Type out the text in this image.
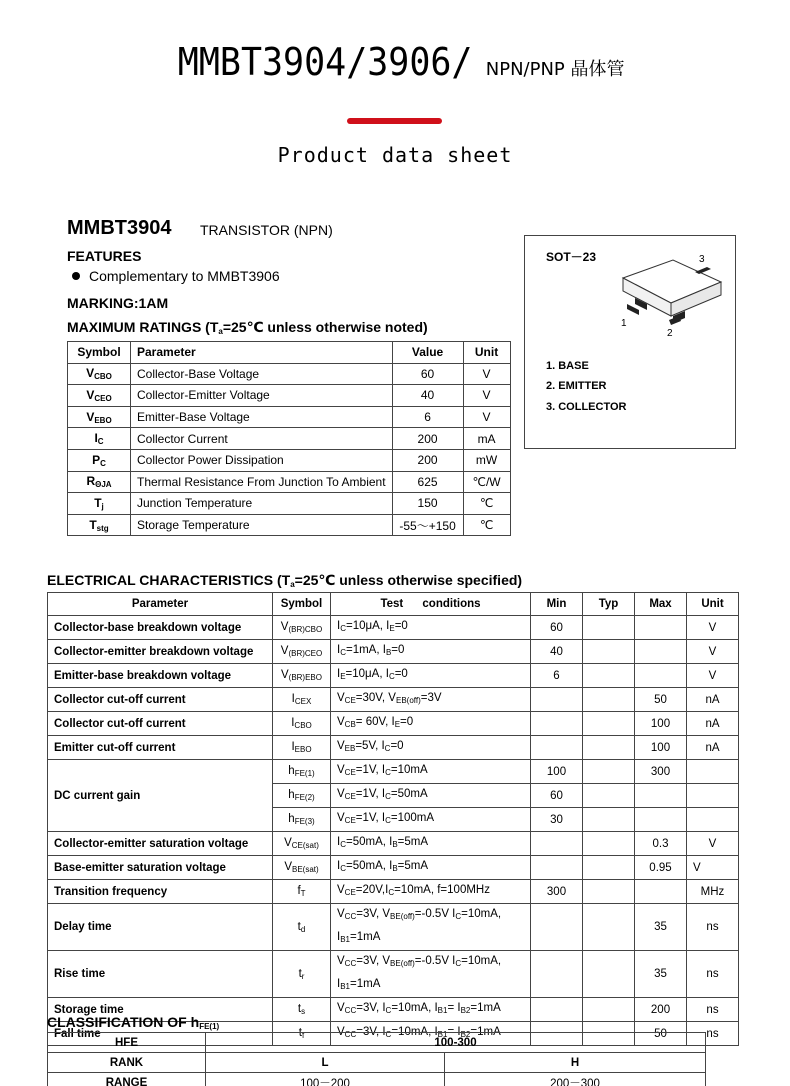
MMBT3904/3906/ NPN/PNP 晶体管
Product data sheet
MMBT3904 TRANSISTOR (NPN)
FEATURES
Complementary to MMBT3906
MARKING:1AM
MAXIMUM RATINGS ($T_a=25℃$ unless otherwise noted)
Symbol	Parameter	Value	Unit
$V_{CBO}$	Collector-Base Voltage	60	V
$V_{CEO}$	Collector-Emitter Voltage	40	V
$V_{EBO}$	Emitter-Base Voltage	6	V
$I_C$	Collector Current	200	mA
$P_C$	Collector Power Dissipation	200	mW
$R_{\Theta JA}$	Thermal Resistance From Junction To Ambient	625	℃/W
$T_j$	Junction Temperature	150	℃
$T_{stg}$	Storage Temperature	-55～+150	℃
SOT－23	3
1
2
1. BASE
2. EMITTER
3. COLLECTOR
ELECTRICAL CHARACTERISTICS ($T_a=25℃$ unless otherwise specified)
Parameter	Symbol	Test      conditions	Min	Typ	Max	Unit
Collector-base breakdown voltage	$V_{(BR)CBO}$	$I_C=10\mu A$, $I_E=0$	60			V
Collector-emitter breakdown voltage	$V_{(BR)CEO}$	$I_C=1mA$, $I_B=0$	40			V
Emitter-base breakdown voltage	$V_{(BR)EBO}$	$I_E=10\mu A$, $I_C=0$	6			V
Collector cut-off current	$I_{CEX}$	$V_{CE}=30V$, $V_{EB(off)}=3V$			50	nA
Collector cut-off current	$I_{CBO}$	$V_{CB}= 60V$, $I_E=0$			100	nA
Emitter cut-off current	$I_{EBO}$	$V_{EB}=5V$, $I_C=0$			100	nA
DC current gain	$h_{FE(1)}$	$V_{CE}=1V$, $I_C=10mA$	100		300	
	$h_{FE(2)}$	$V_{CE}=1V$, $I_C=50mA$	60			
	$h_{FE(3)}$	$V_{CE}=1V$, $I_C=100mA$	30			
Collector-emitter saturation voltage	$V_{CE(sat)}$	$I_C=50mA$, $I_B=5mA$			0.3	V
Base-emitter saturation voltage	$V_{BE(sat)}$	$I_C=50mA$, $I_B=5mA$			0.95	V
Transition frequency	$f_T$	$V_{CE}=20V,I_C=10mA$, f=100MHz	300			MHz
Delay time	$t_d$	$V_{CC}=3V$, $V_{BE(off)}=-0.5V$ $I_C=10mA$,
$I_{B1}=1mA$			35	ns
Rise time	$t_r$	$V_{CC}=3V$, $V_{BE(off)}=-0.5V$ $I_C=10mA$,
$I_{B1}=1mA$			35	ns
Storage time	$t_s$	$V_{CC}=3V$, $I_C=10mA$, $I_{B1}= I_{B2}=1mA$			200	ns
Fall time	$t_f$	$V_{CC}=3V$, $I_C=10mA$, $I_{B1}= I_{B2}=1mA$			50	ns
CLASSIFICATION OF $h_{FE(1)}$
HFE	100-300	
RANK	L	H
RANGE	100－200	200－300
